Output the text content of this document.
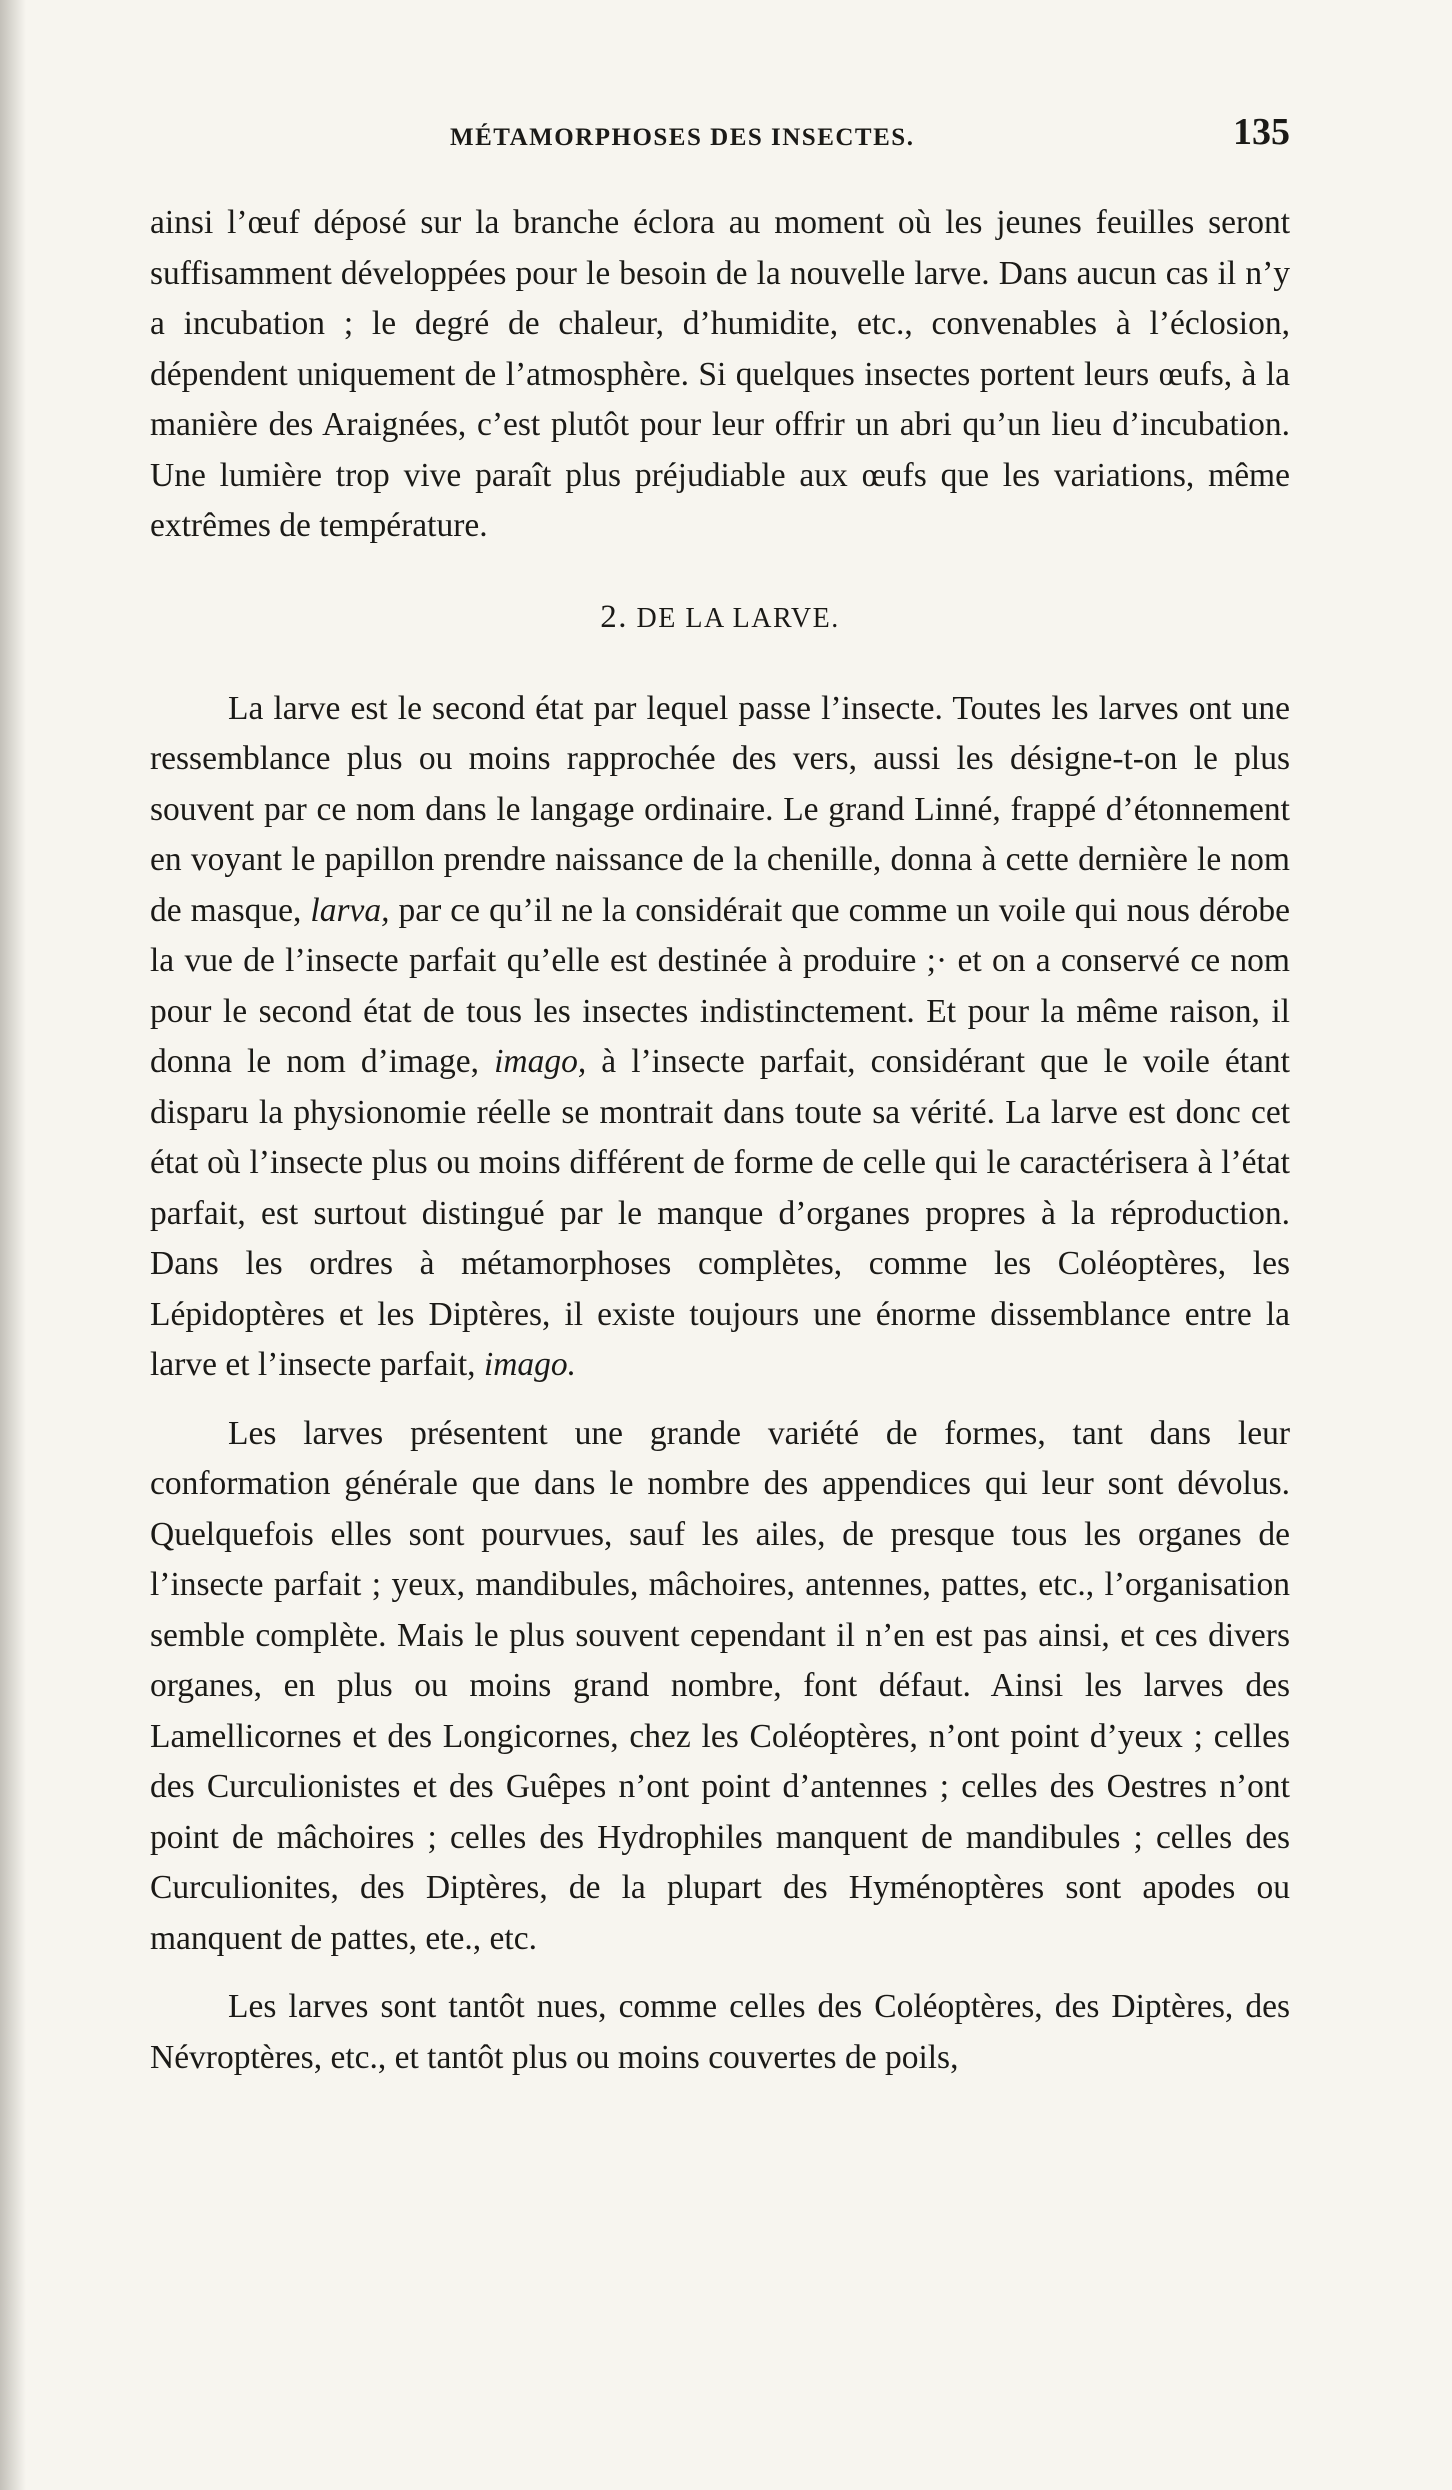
MÉTAMORPHOSES DES INSECTES.	135

ainsi l’œuf déposé sur la branche éclora au moment où les jeunes feuilles seront suffisamment développées pour le besoin de la nouvelle larve. Dans aucun cas il n’y a incubation ; le degré de chaleur, d’humidite, etc., convenables à l’éclosion, dépendent uniquement de l’atmosphère. Si quelques insectes portent leurs œufs, à la manière des Araignées, c’est plutôt pour leur offrir un abri qu’un lieu d’incubation. Une lumière trop vive paraît plus préjudiable aux œufs que les variations, même extrêmes de température.

2. DE LA LARVE.

La larve est le second état par lequel passe l’insecte. Toutes les larves ont une ressemblance plus ou moins rapprochée des vers, aussi les désigne-t-on le plus souvent par ce nom dans le langage ordinaire. Le grand Linné, frappé d’étonnement en voyant le papillon prendre naissance de la chenille, donna à cette dernière le nom de masque, larva, par ce qu’il ne la considérait que comme un voile qui nous dérobe la vue de l’insecte parfait qu’elle est destinée à produire ;· et on a conservé ce nom pour le second état de tous les insectes indistinctement. Et pour la même raison, il donna le nom d’image, imago, à l’insecte parfait, considérant que le voile étant disparu la physionomie réelle se montrait dans toute sa vérité. La larve est donc cet état où l’insecte plus ou moins différent de forme de celle qui le caractérisera à l’état parfait, est surtout distingué par le manque d’organes propres à la réproduction. Dans les ordres à métamorphoses complètes, comme les Coléoptères, les Lépidoptères et les Diptères, il existe toujours une énorme dissemblance entre la larve et l’insecte parfait, imago.

Les larves présentent une grande variété de formes, tant dans leur conformation générale que dans le nombre des appendices qui leur sont dévolus. Quelquefois elles sont pourvues, sauf les ailes, de presque tous les organes de l’insecte parfait ; yeux, mandibules, mâchoires, antennes, pattes, etc., l’organisation semble complète. Mais le plus souvent cependant il n’en est pas ainsi, et ces divers organes, en plus ou moins grand nombre, font défaut. Ainsi les larves des Lamellicornes et des Longicornes, chez les Coléoptères, n’ont point d’yeux ; celles des Curculionistes et des Guêpes n’ont point d’antennes ; celles des Oestres n’ont point de mâchoires ; celles des Hydrophiles manquent de mandibules ; celles des Curculionites, des Diptères, de la plupart des Hyménoptères sont apodes ou manquent de pattes, ete., etc.

Les larves sont tantôt nues, comme celles des Coléoptères, des Diptères, des Névroptères, etc., et tantôt plus ou moins couvertes de poils,
